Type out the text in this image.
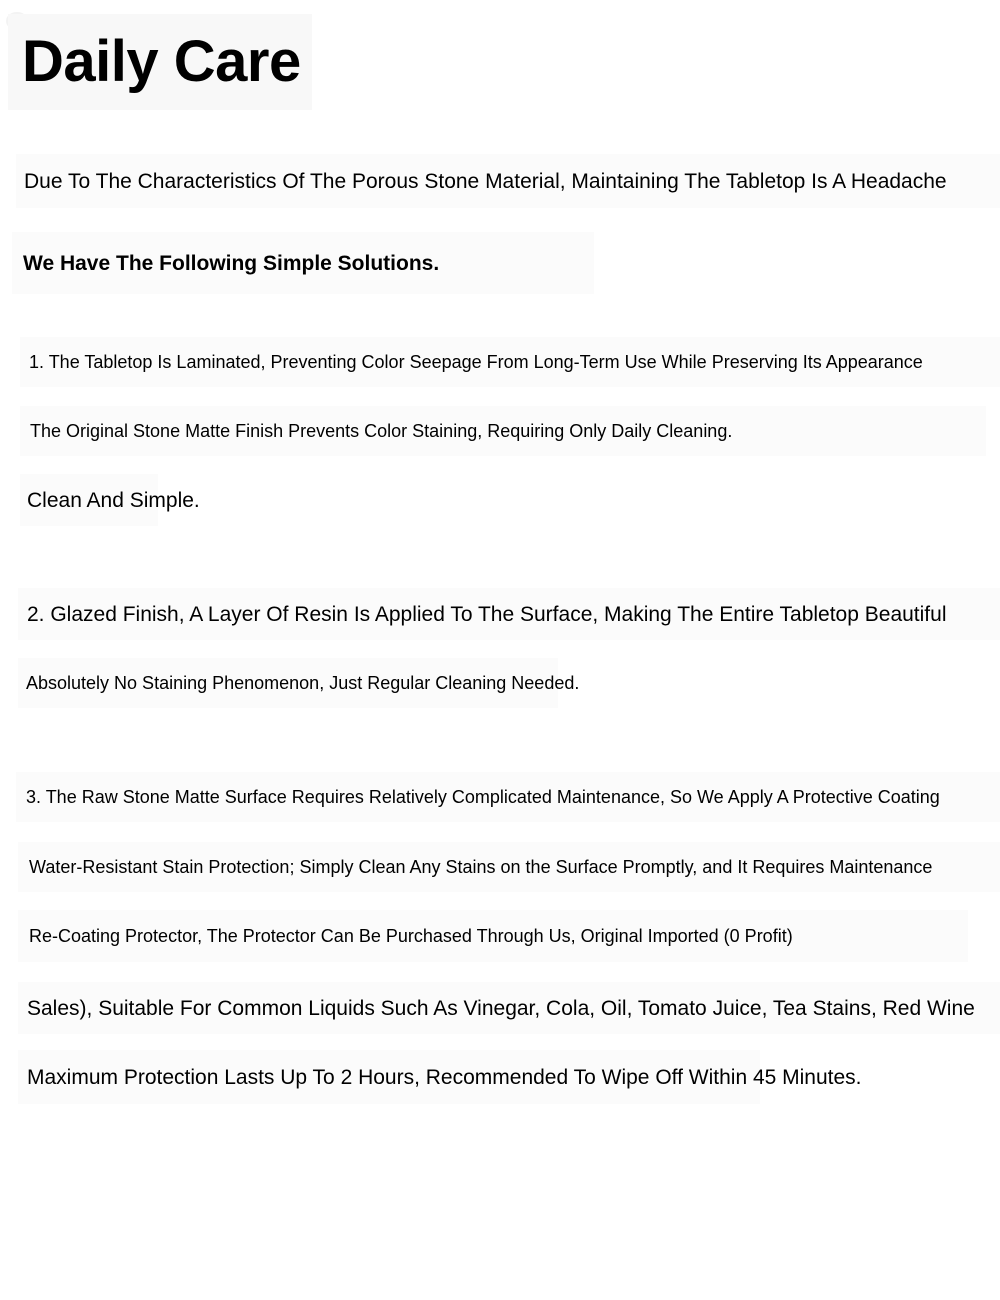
Daily Care

Due To The Characteristics Of The Porous Stone Material, Maintaining The Tabletop Is A Headache

We Have The Following Simple Solutions.

1. The Tabletop Is Laminated, Preventing Color Seepage From Long-Term Use While Preserving Its Appearance

The Original Stone Matte Finish Prevents Color Staining, Requiring Only Daily Cleaning.

Clean And Simple.

2. Glazed Finish, A Layer Of Resin Is Applied To The Surface, Making The Entire Tabletop Beautiful

Absolutely No Staining Phenomenon, Just Regular Cleaning Needed.

3. The Raw Stone Matte Surface Requires Relatively Complicated Maintenance, So We Apply A Protective Coating

Water-Resistant Stain Protection; Simply Clean Any Stains on the Surface Promptly, and It Requires Maintenance

Re-Coating Protector, The Protector Can Be Purchased Through Us, Original Imported (0 Profit)

Sales), Suitable For Common Liquids Such As Vinegar, Cola, Oil, Tomato Juice, Tea Stains, Red Wine

Maximum Protection Lasts Up To 2 Hours, Recommended To Wipe Off Within 45 Minutes.
